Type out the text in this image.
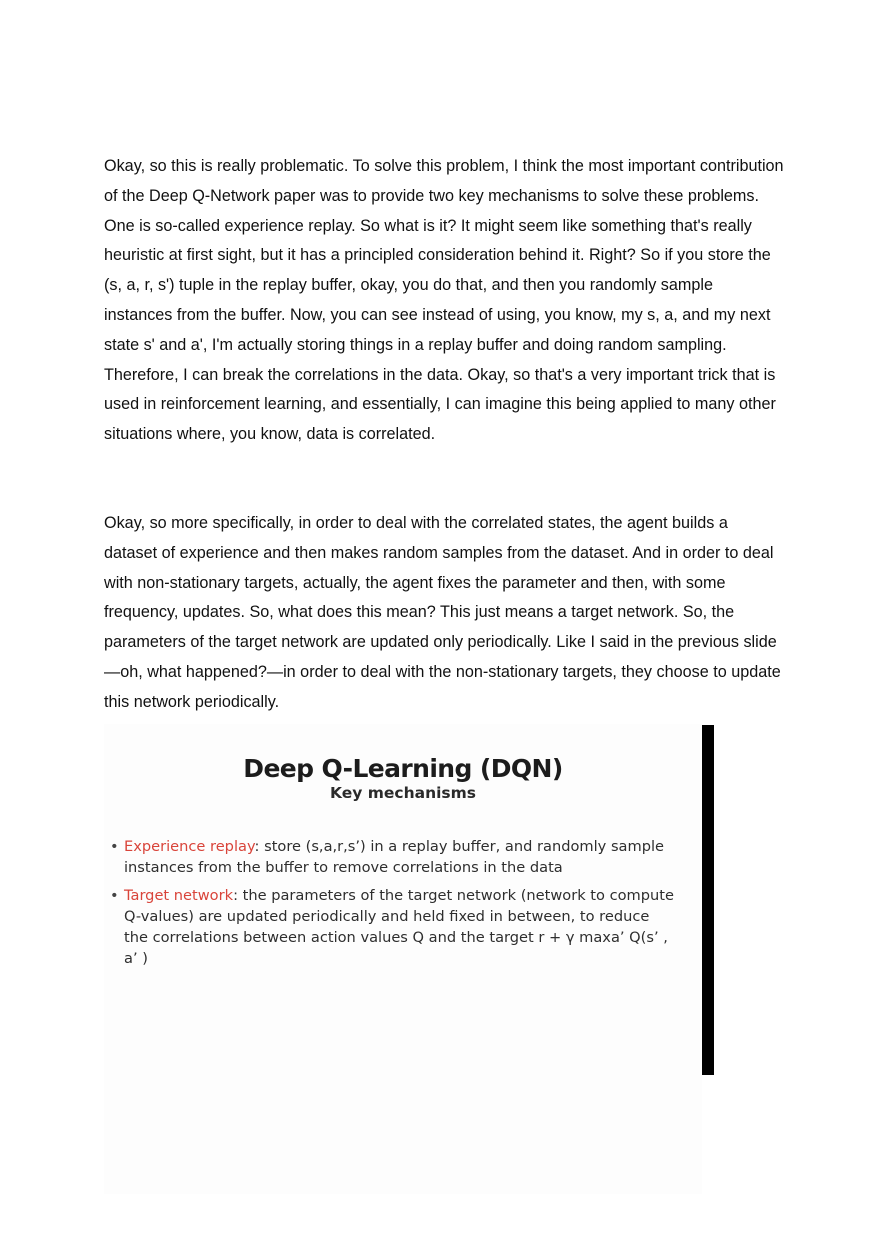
Okay, so this is really problematic. To solve this problem, I think the most important contribution of the Deep Q-Network paper was to provide two key mechanisms to solve these problems. One is so-called experience replay. So what is it? It might seem like something that's really heuristic at first sight, but it has a principled consideration behind it. Right? So if you store the (s, a, r, s') tuple in the replay buffer, okay, you do that, and then you randomly sample instances from the buffer. Now, you can see instead of using, you know, my s, a, and my next state s' and a', I'm actually storing things in a replay buffer and doing random sampling. Therefore, I can break the correlations in the data. Okay, so that's a very important trick that is used in reinforcement learning, and essentially, I can imagine this being applied to many other situations where, you know, data is correlated.

Okay, so more specifically, in order to deal with the correlated states, the agent builds a dataset of experience and then makes random samples from the dataset. And in order to deal with non-stationary targets, actually, the agent fixes the parameter and then, with some frequency, updates. So, what does this mean? This just means a target network. So, the parameters of the target network are updated only periodically. Like I said in the previous slide—oh, what happened?—in order to deal with the non-stationary targets, they choose to update this network periodically.

Deep Q-Learning (DQN)
Key mechanisms
• Experience replay: store (s,a,r,s’) in a replay buffer, and randomly sample instances from the buffer to remove correlations in the data
• Target network: the parameters of the target network (network to compute Q-values) are updated periodically and held fixed in between, to reduce the correlations between action values Q and the target r + γ maxa’ Q(s’ , a’ )
